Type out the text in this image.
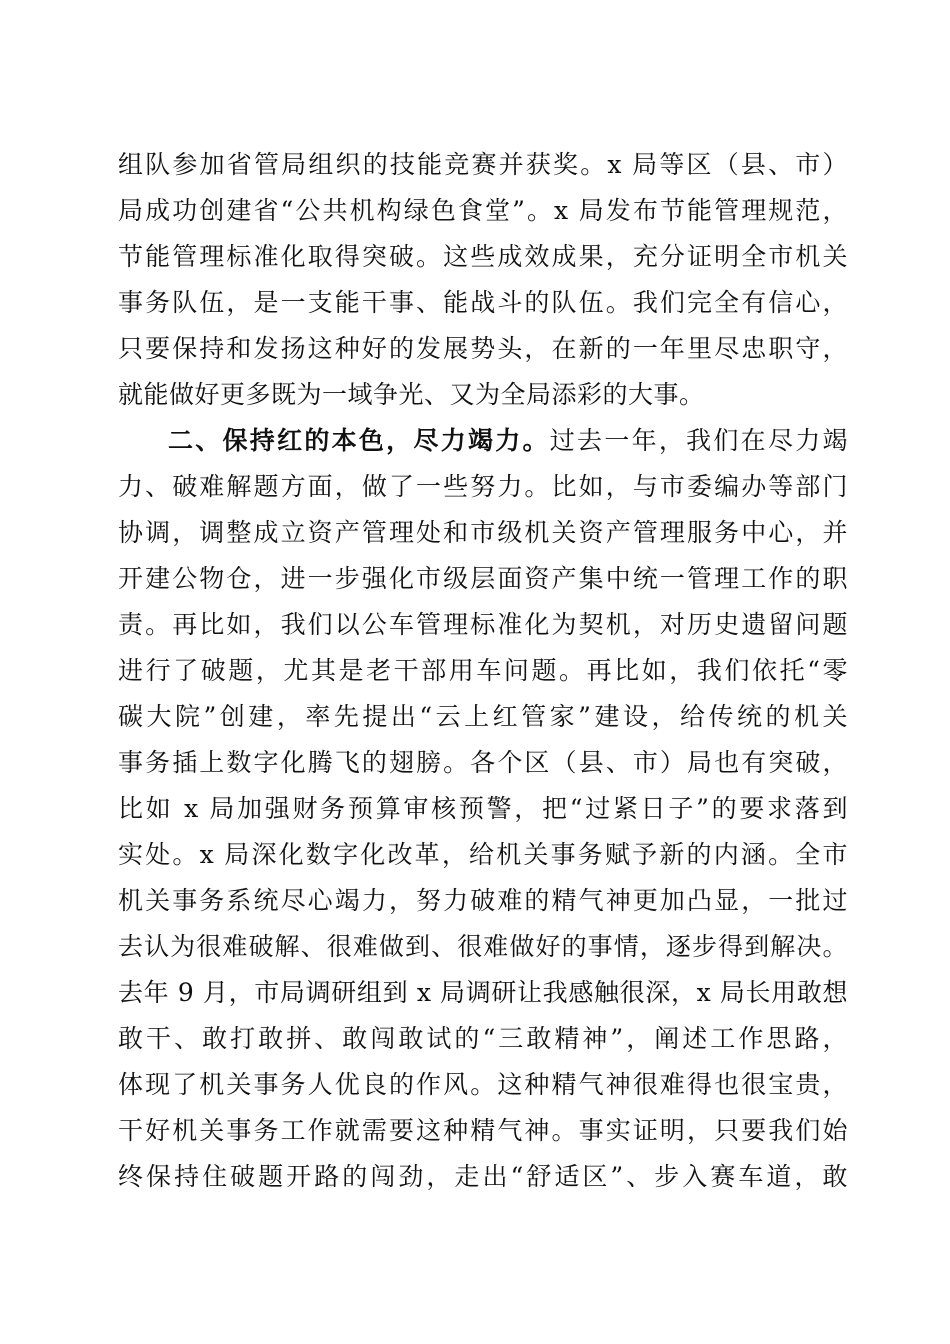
组队参加省管局组织的技能竞赛并获奖。x 局等区（县、市）
局成功创建省“公共机构绿色食堂”。x 局发布节能管理规范，
节能管理标准化取得突破。这些成效成果，充分证明全市机关
事务队伍，是一支能干事、能战斗的队伍。我们完全有信心，
只要保持和发扬这种好的发展势头，在新的一年里尽忠职守，
就能做好更多既为一域争光、又为全局添彩的大事。
二、保持红的本色，尽力竭力。过去一年，我们在尽力竭
力、破难解题方面，做了一些努力。比如，与市委编办等部门
协调，调整成立资产管理处和市级机关资产管理服务中心，并
开建公物仓，进一步强化市级层面资产集中统一管理工作的职
责。再比如，我们以公车管理标准化为契机，对历史遗留问题
进行了破题，尤其是老干部用车问题。再比如，我们依托“零
碳大院”创建，率先提出“云上红管家”建设，给传统的机关
事务插上数字化腾飞的翅膀。各个区（县、市）局也有突破，
比如 x 局加强财务预算审核预警，把“过紧日子”的要求落到
实处。x 局深化数字化改革，给机关事务赋予新的内涵。全市
机关事务系统尽心竭力，努力破难的精气神更加凸显，一批过
去认为很难破解、很难做到、很难做好的事情，逐步得到解决。
去年 9 月，市局调研组到 x 局调研让我感触很深，x 局长用敢想
敢干、敢打敢拼、敢闯敢试的“三敢精神”，阐述工作思路，
体现了机关事务人优良的作风。这种精气神很难得也很宝贵，
干好机关事务工作就需要这种精气神。事实证明，只要我们始
终保持住破题开路的闯劲，走出“舒适区”、步入赛车道，敢
